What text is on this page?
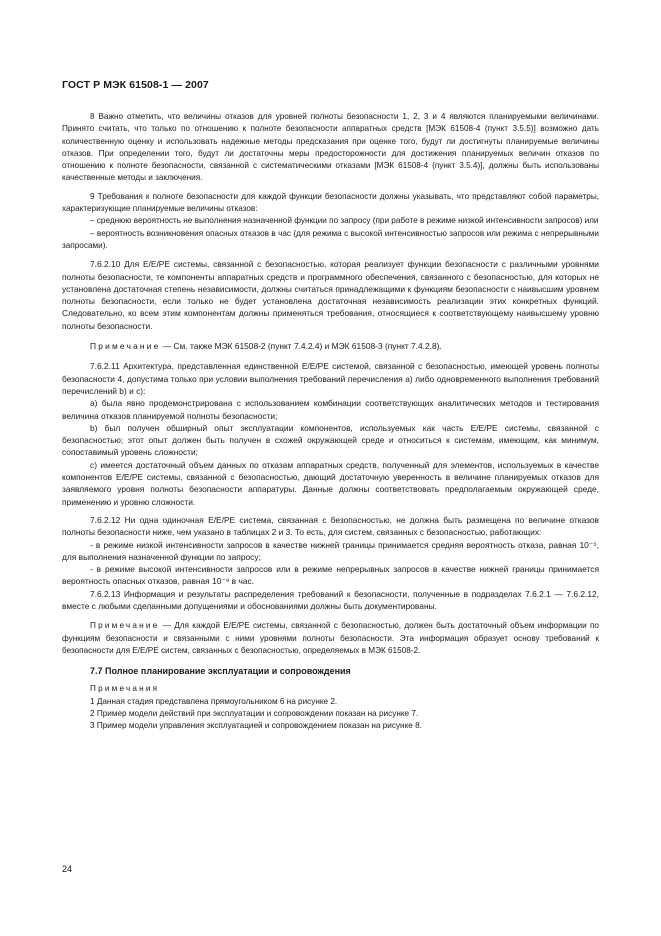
ГОСТ Р МЭК 61508-1 — 2007

8 Важно отметить, что величины отказов для уровней полноты безопасности 1, 2, 3 и 4 являются планируемыми величинами. Принято считать, что только по отношению к полноте безопасности аппаратных средств [МЭК 61508-4 (пункт 3.5.5)] возможно дать количественную оценку и использовать надежные методы предсказания при оценке того, будут ли достигнуты планируемые величины отказов. При определении того, будут ли достаточны меры предосторожности для достижения планируемых величин отказов по отношению к полноте безопасности, связанной с систематическими отказами [МЭК 61508-4 (пункт 3.5.4)], должны быть использованы качественные методы и заключения.

9 Требования к полноте безопасности для каждой функции безопасности должны указывать, что представляют собой параметры, характеризующие планируемые величины отказов:

– среднюю вероятность не выполнения назначенной функции по запросу (при работе в режиме низкой интенсивности запросов) или

– вероятность возникновения опасных отказов в час (для режима с высокой интенсивностью запросов или режима с непрерывными запросами).

7.6.2.10 Для Е/Е/РЕ системы, связанной с безопасностью, которая реализует функции безопасности с различными уровнями полноты безопасности, те компоненты аппаратных средств и программного обеспечения, связанного с безопасностью, для которых не установлена достаточная степень независимости, должны считаться принадлежащими к функциям безопасности с наивысшим уровнем полноты безопасности, если только не будет установлена достаточная независимость реализации этих конкретных функций. Следовательно, ко всем этим компонентам должны применяться требования, относящиеся к соответствующему наивысшему уровню полноты безопасности.

Примечание — См. также МЭК 61508-2 (пункт 7.4.2.4) и МЭК 61508-3 (пункт 7.4.2.8).

7.6.2.11 Архитектура, представленная единственной Е/Е/РЕ системой, связанной с безопасностью, имеющей уровень полноты безопасности 4, допустима только при условии выполнения требований перечисления а) либо одновременного выполнения требований перечислений b) и с):

а) была явно продемонстрирована с использованием комбинации соответствующих аналитических методов и тестирования величина отказов планируемой полноты безопасности;

b) был получен обширный опыт эксплуатации компонентов, используемых как часть Е/Е/РЕ системы, связанной с безопасностью; этот опыт должен быть получен в схожей окружающей среде и относиться к системам, имеющим, как минимум, сопоставимый уровень сложности;

с) имеется достаточный объем данных по отказам аппаратных средств, полученный для элементов, используемых в качестве компонентов Е/Е/РЕ системы, связанной с безопасностью, дающий достаточную уверенность в величине планируемых отказов для заявляемого уровня полноты безопасности аппаратуры. Данные должны соответствовать предполагаемым окружающей среде, применению и уровню сложности.

7.6.2.12 Ни одна одиночная Е/Е/РЕ система, связанная с безопасностью, не должна быть размещена по величине отказов полноты безопасности ниже, чем указано в таблицах 2 и 3. То есть, для систем, связанных с безопасностью, работающих:

- в режиме низкой интенсивности запросов в качестве нижней границы принимается средняя вероятность отказа, равная 10⁻⁵, для выполнения назначенной функции по запросу;

- в режиме высокой интенсивности запросов или в режиме непрерывных запросов в качестве нижней границы принимается вероятность опасных отказов, равная 10⁻⁹ в час.

7.6.2.13 Информация и результаты распределения требований к безопасности, полученные в подразделах 7.6.2.1 — 7.6.2.12, вместе с любыми сделанными допущениями и обоснованиями должны быть документированы.

Примечание — Для каждой Е/Е/РЕ системы, связанной с безопасностью, должен быть достаточный объем информации по функциям безопасности и связанными с ними уровнями полноты безопасности. Эта информация образует основу требований к безопасности для Е/Е/РЕ систем, связанных с безопасностью, определяемых в МЭК 61508-2.

7.7 Полное планирование эксплуатации и сопровождения

Примечания

1 Данная стадия представлена прямоугольником 6 на рисунке 2.

2 Пример модели действий при эксплуатации и сопровождении показан на рисунке 7.

3 Пример модели управления эксплуатацией и сопровождением показан на рисунке 8.

24
